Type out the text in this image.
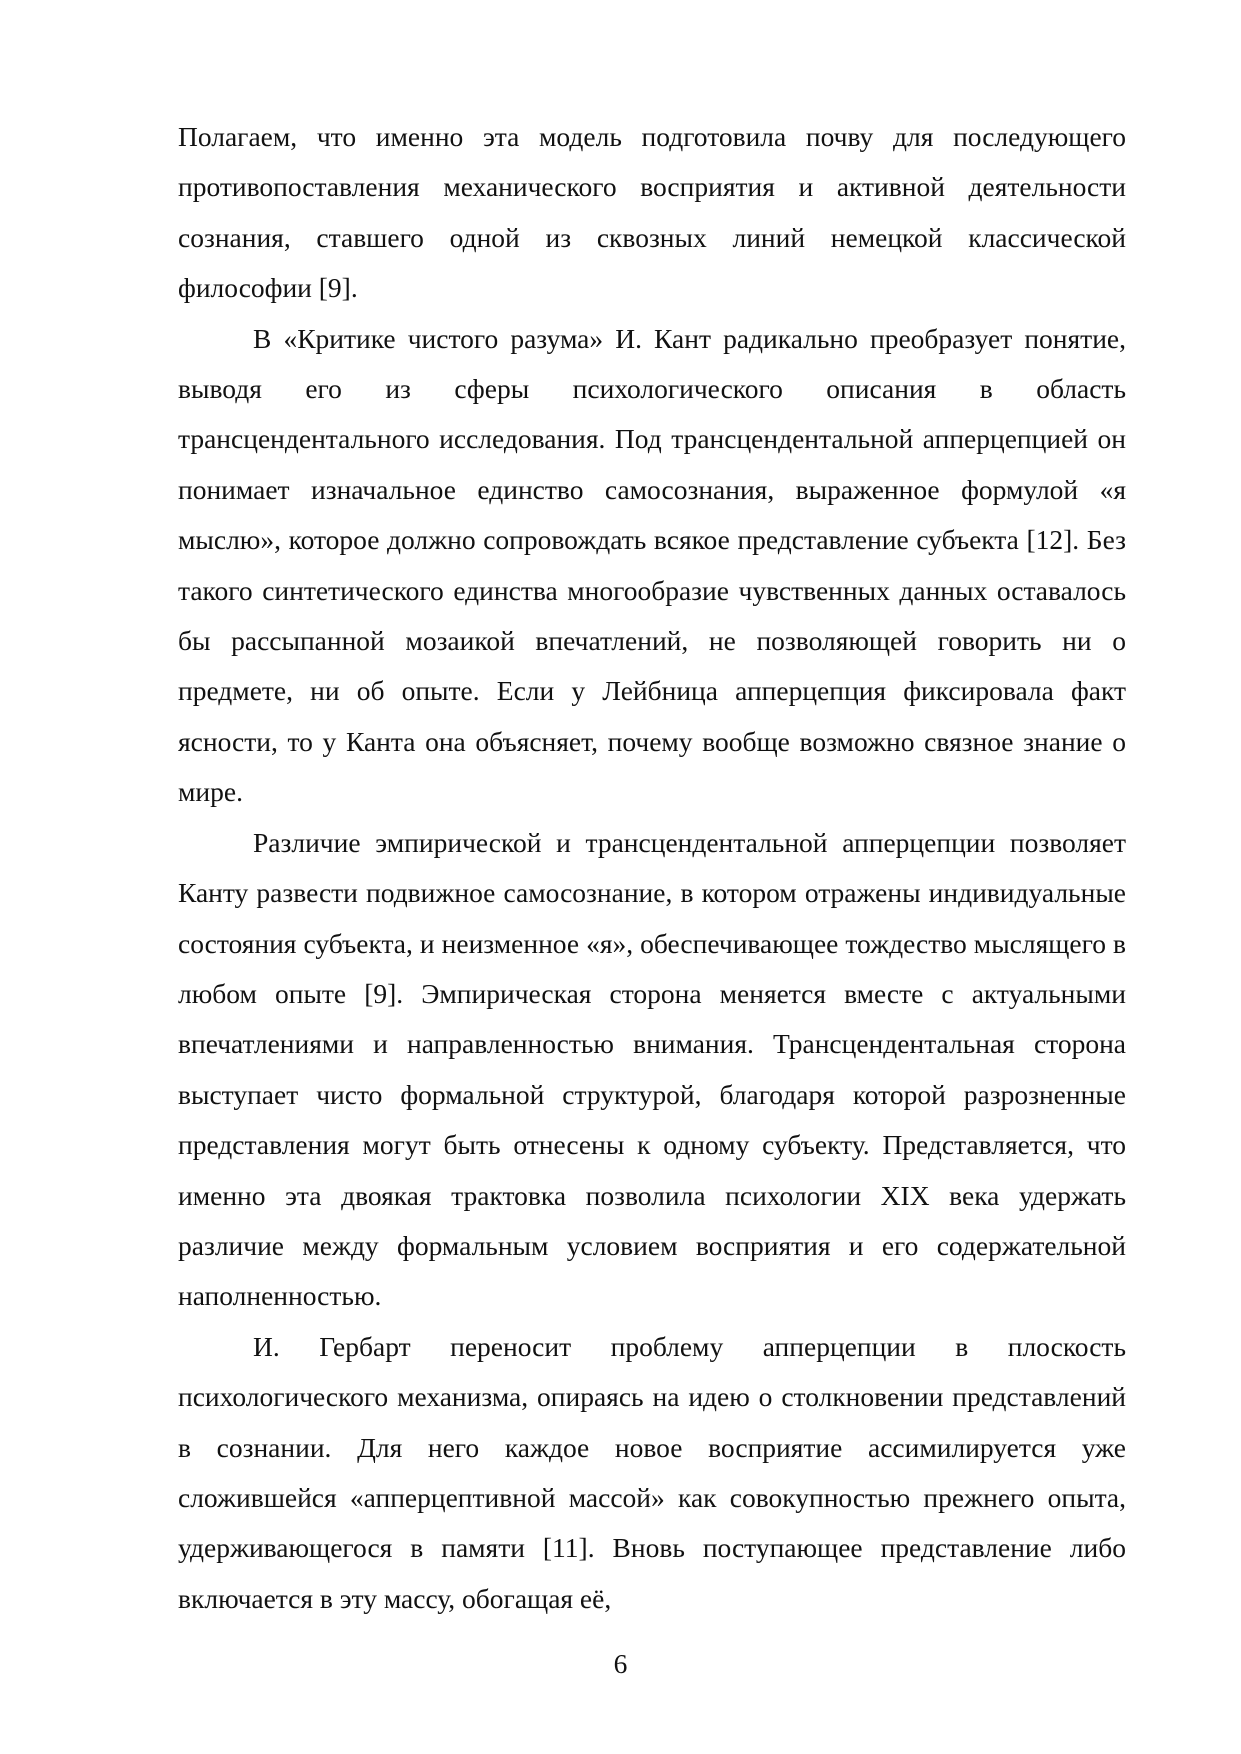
Полагаем, что именно эта модель подготовила почву для последующего противопоставления механического восприятия и активной деятельности сознания, ставшего одной из сквозных линий немецкой классической философии [9].

В «Критике чистого разума» И. Кант радикально преобразует понятие, выводя его из сферы психологического описания в область трансцендентального исследования. Под трансцендентальной апперцепцией он понимает изначальное единство самосознания, выраженное формулой «я мыслю», которое должно сопровождать всякое представление субъекта [12]. Без такого синтетического единства многообразие чувственных данных оставалось бы рассыпанной мозаикой впечатлений, не позволяющей говорить ни о предмете, ни об опыте. Если у Лейбница апперцепция фиксировала факт ясности, то у Канта она объясняет, почему вообще возможно связное знание о мире.

Различие эмпирической и трансцендентальной апперцепции позволяет Канту развести подвижное самосознание, в котором отражены индивидуальные состояния субъекта, и неизменное «я», обеспечивающее тождество мыслящего в любом опыте [9]. Эмпирическая сторона меняется вместе с актуальными впечатлениями и направленностью внимания. Трансцендентальная сторона выступает чисто формальной структурой, благодаря которой разрозненные представления могут быть отнесены к одному субъекту. Представляется, что именно эта двоякая трактовка позволила психологии XIX века удержать различие между формальным условием восприятия и его содержательной наполненностью.

И. Гербарт переносит проблему апперцепции в плоскость психологического механизма, опираясь на идею о столкновении представлений в сознании. Для него каждое новое восприятие ассимилируется уже сложившейся «апперцептивной массой» как совокупностью прежнего опыта, удерживающегося в памяти [11]. Вновь поступающее представление либо включается в эту массу, обогащая её,

6
